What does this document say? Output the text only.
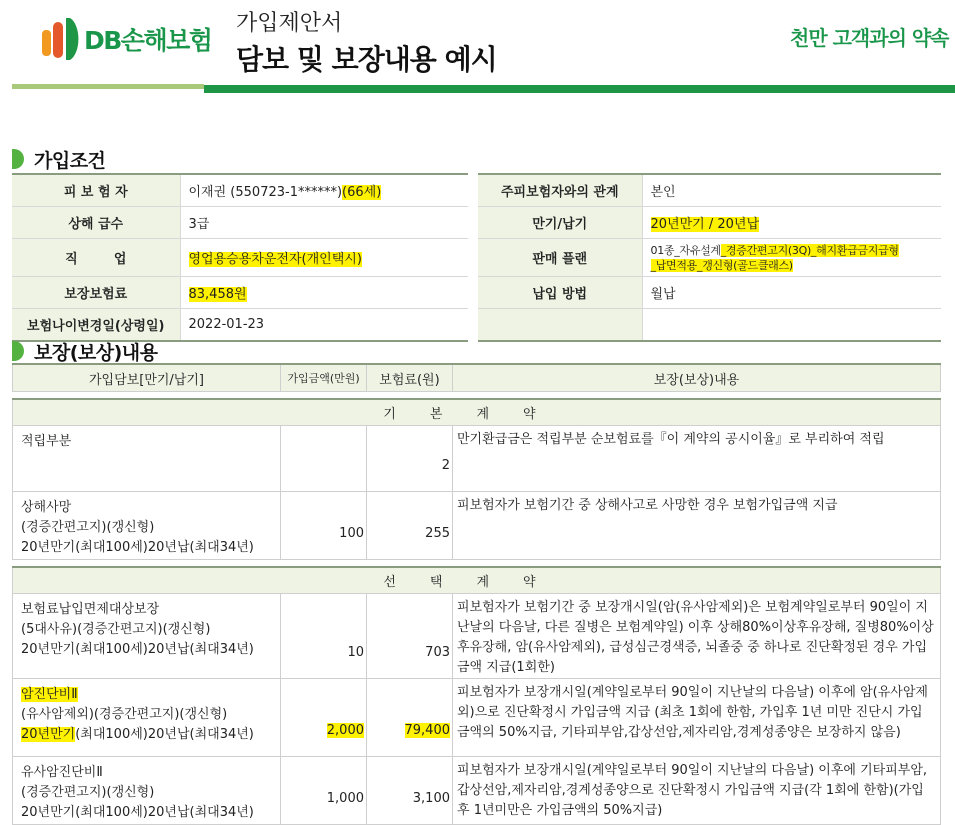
DB손해보험
가입제안서
담보 및 보장내용 예시
천만 고객과의 약속
가입조건
피 보 험 자	이재권 (550723-1******)(66세)
상해 급수	3급
직        업	영업용승용차운전자(개인택시)
보장보험료	83,458원
보험나이변경일(상령일)	2022-01-23
주피보험자와의 관계	본인
만기/납기	20년만기 / 20년납
판매 플랜	01종_자유설계_경증간편고지(3Q)_해지환급금지급형
_납면적용_갱신형(골드클래스)
납입 방법	월납

보장(보상)내용
가입담보[만기/납기]	가입금액(만원)	보험료(원)	보장(보상)내용

기본계약			
적립부분		2	만기환급금은 적립부분 순보험료를『이 계약의 공시이율』로 부리하여 적립
상해사망
(경증간편고지)(갱신형)
20년만기(최대100세)20년납(최대34년)	100	255	피보험자가 보험기간 중 상해사고로 사망한 경우 보험가입금액 지급

선택계약			
보험료납입면제대상보장
(5대사유)(경증간편고지)(갱신형)
20년만기(최대100세)20년납(최대34년)	10	703	피보험자가 보험기간 중 보장개시일(암(유사암제외)은 보험계약일로부터 90일이 지난날의 다음날, 다른 질병은 보험계약일) 이후 상해80%이상후유장해, 질병80%이상후유장해, 암(유사암제외), 급성심근경색증, 뇌졸중 중 하나로 진단확정된 경우 가입금액 지급(1회한)
암진단비Ⅱ
(유사암제외)(경증간편고지)(갱신형)
20년만기(최대100세)20년납(최대34년)	2,000	79,400	피보험자가 보장개시일(계약일로부터 90일이 지난날의 다음날) 이후에 암(유사암제외)으로 진단확정시 가입금액 지급 (최초 1회에 한함, 가입후 1년 미만 진단시 가입금액의 50%지급, 기타피부암,갑상선암,제자리암,경계성종양은 보장하지 않음)
유사암진단비Ⅱ
(경증간편고지)(갱신형)
20년만기(최대100세)20년납(최대34년)	1,000	3,100	피보험자가 보장개시일(계약일로부터 90일이 지난날의 다음날) 이후에 기타피부암,갑상선암,제자리암,경계성종양으로 진단확정시 가입금액 지급(각 1회에 한함)(가입 후 1년미만은 가입금액의 50%지급)
